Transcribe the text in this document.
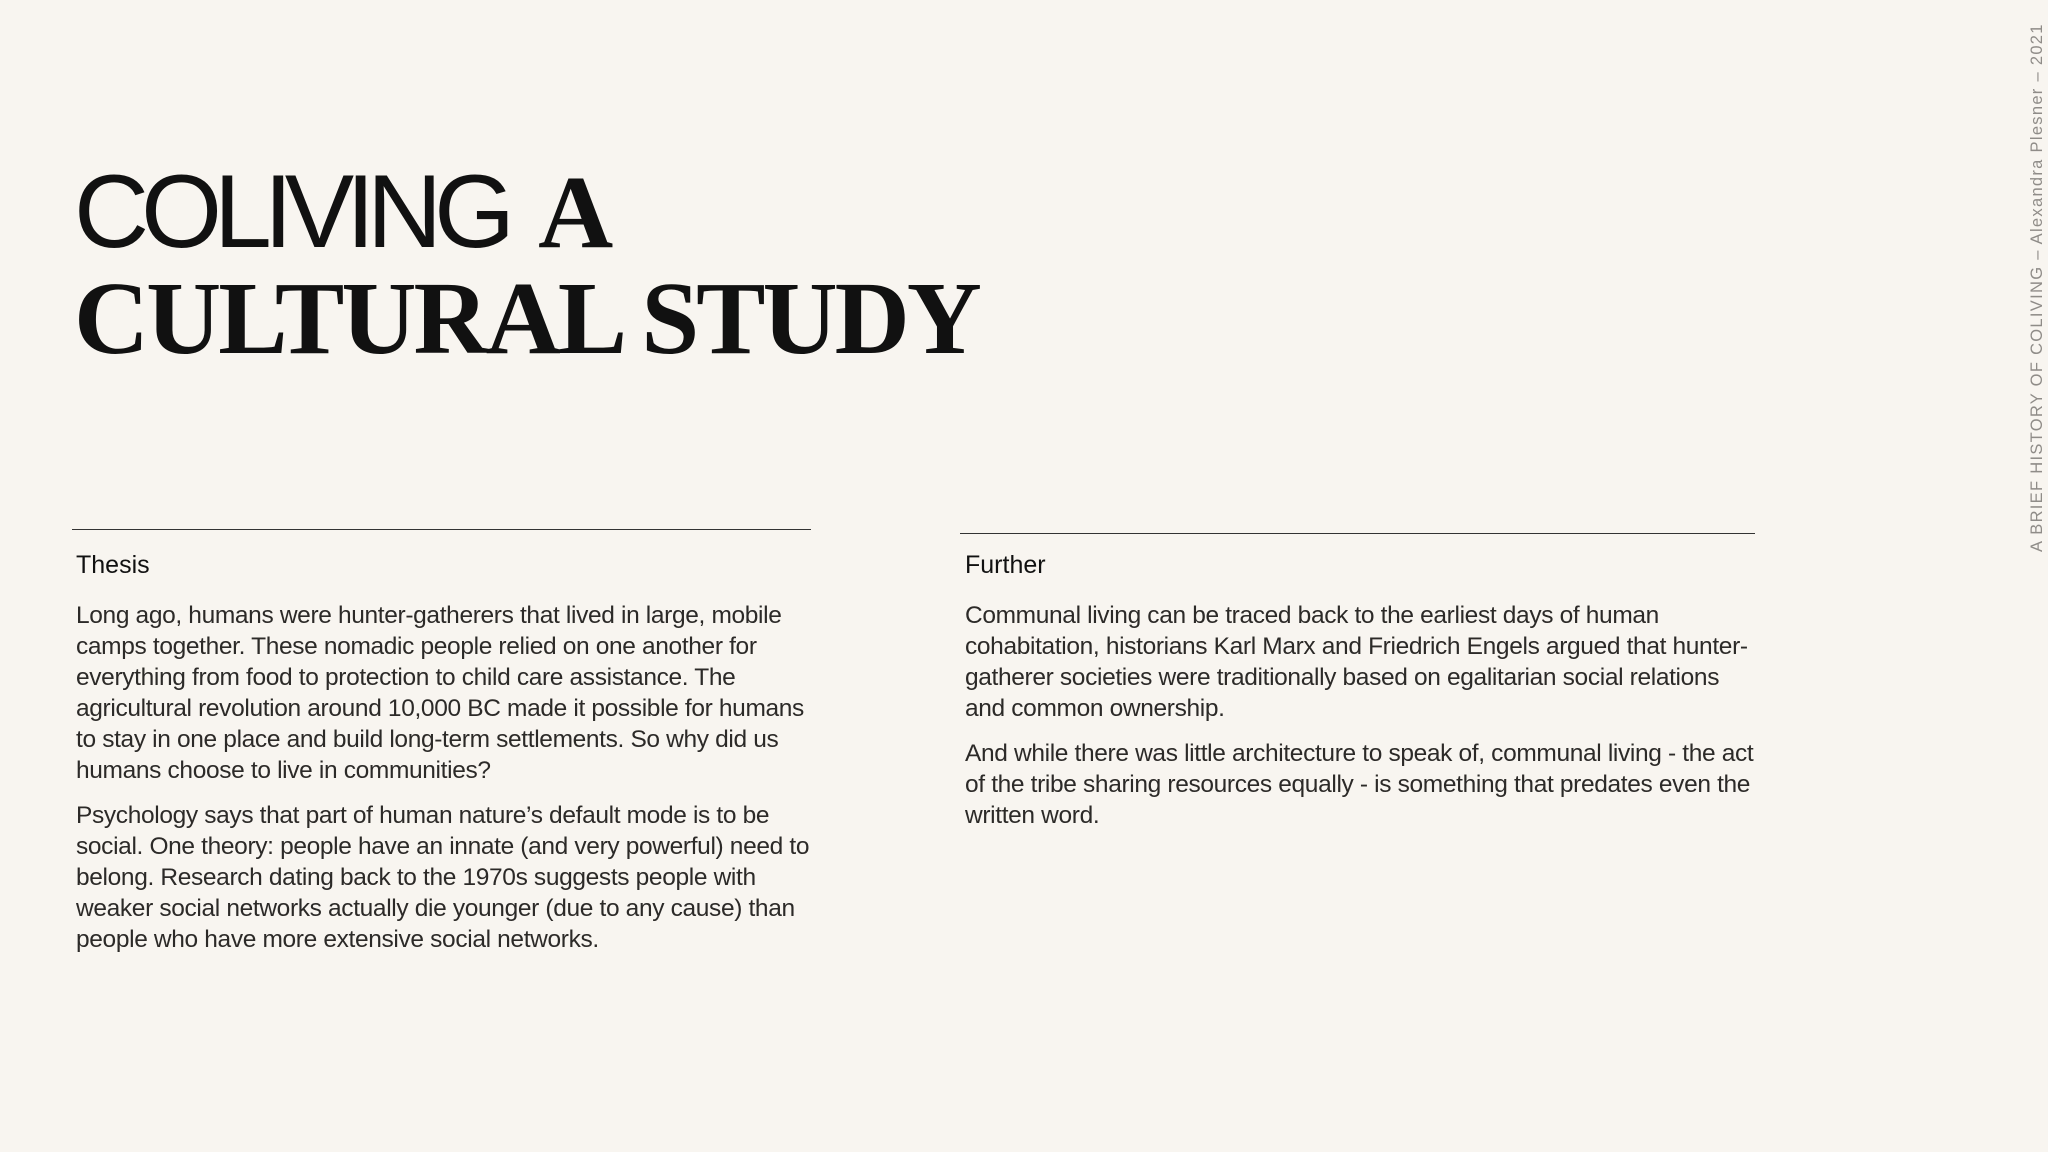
COLIVING A
CULTURAL STUDY
Thesis

Long ago, humans were hunter-gatherers that lived in large, mobile camps together. These nomadic people relied on one another for everything from food to protection to child care assistance. The agricultural revolution around 10,000 BC made it possible for humans to stay in one place and build long-term settlements. So why did us humans choose to live in communities?

Psychology says that part of human nature’s default mode is to be social. One theory: people have an innate (and very powerful) need to belong. Research dating back to the 1970s suggests people with weaker social networks actually die younger (due to any cause) than people who have more extensive social networks.

Further

Communal living can be traced back to the earliest days of human cohabitation, historians Karl Marx and Friedrich Engels argued that hunter-gatherer societies were traditionally based on egalitarian social relations and common ownership.

And while there was little architecture to speak of, communal living - the act of the tribe sharing resources equally - is something that predates even the written word.

A BRIEF HISTORY OF COLIVING – Alexandra Plesner – 2021
